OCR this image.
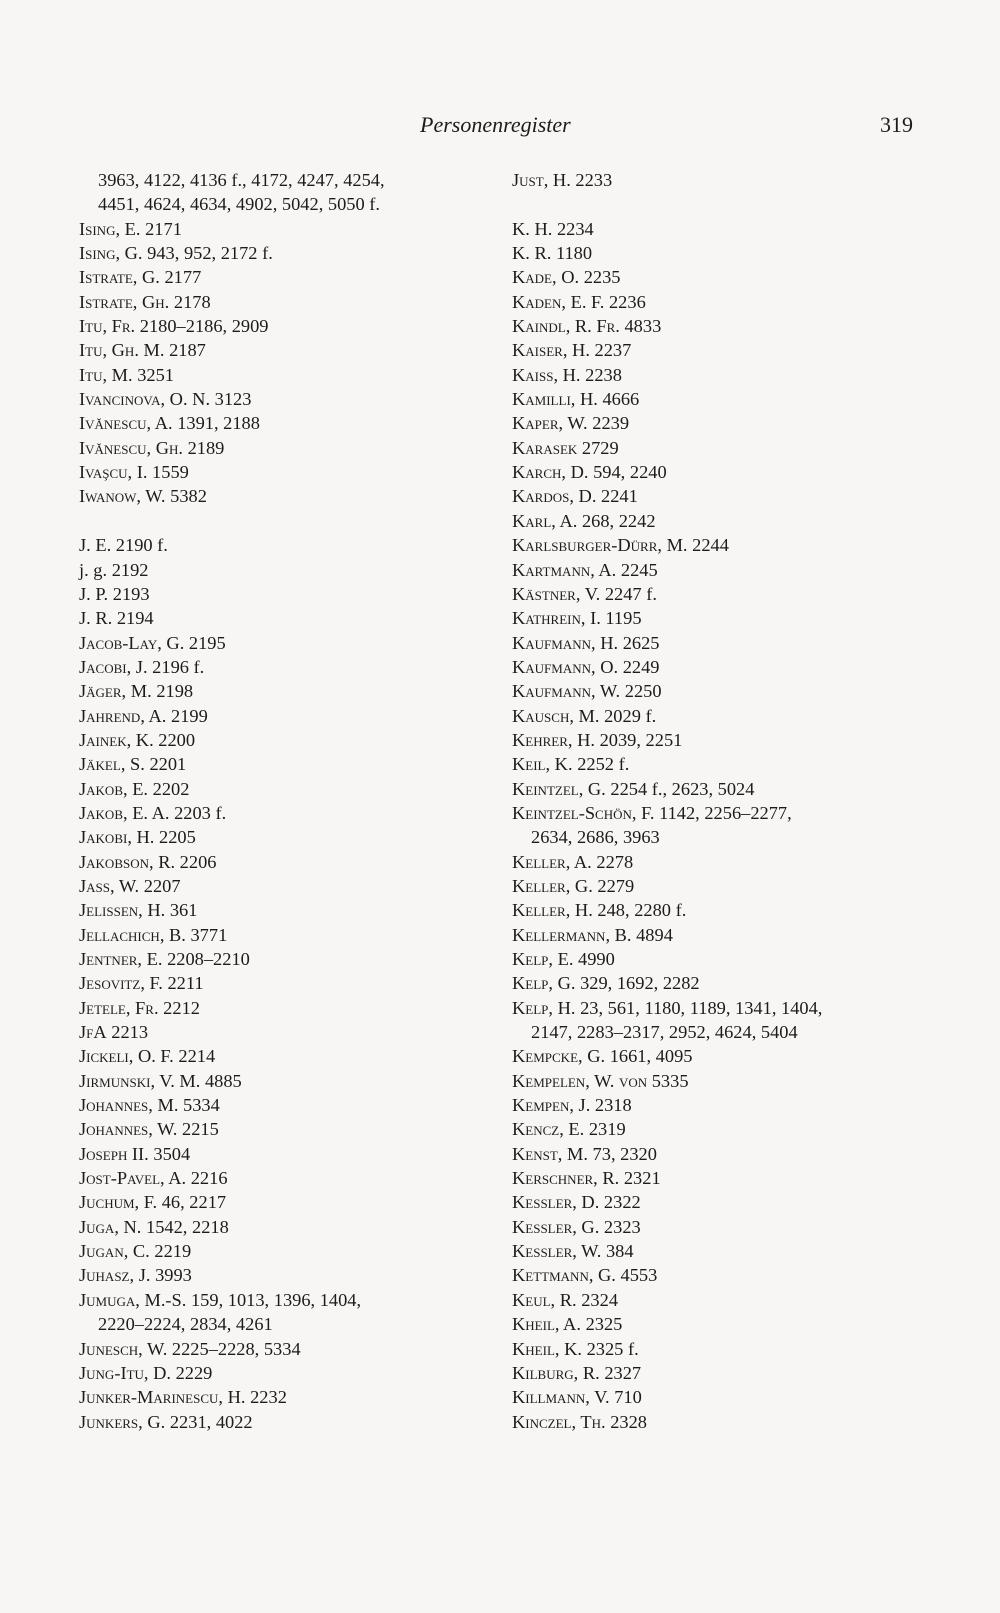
Personenregister	319
3963, 4122, 4136 f., 4172, 4247, 4254,
4451, 4624, 4634, 4902, 5042, 5050 f.
Ising, E. 2171
Ising, G. 943, 952, 2172 f.
Istrate, G. 2177
Istrate, Gh. 2178
Itu, Fr. 2180–2186, 2909
Itu, Gh. M. 2187
Itu, M. 3251
Ivancinova, O. N. 3123
Ivănescu, A. 1391, 2188
Ivănescu, Gh. 2189
Ivaşcu, I. 1559
Iwanow, W. 5382
J. E. 2190 f.
j. g. 2192
J. P. 2193
J. R. 2194
Jacob-Lay, G. 2195
Jacobi, J. 2196 f.
Jäger, M. 2198
Jahrend, A. 2199
Jainek, K. 2200
Jäkel, S. 2201
Jakob, E. 2202
Jakob, E. A. 2203 f.
Jakobi, H. 2205
Jakobson, R. 2206
Jass, W. 2207
Jelissen, H. 361
Jellachich, B. 3771
Jentner, E. 2208–2210
Jesovitz, F. 2211
Jetele, Fr. 2212
JfA 2213
Jickeli, O. F. 2214
Jirmunski, V. M. 4885
Johannes, M. 5334
Johannes, W. 2215
Joseph II. 3504
Jost-Pavel, A. 2216
Juchum, F. 46, 2217
Juga, N. 1542, 2218
Jugan, C. 2219
Juhasz, J. 3993
Jumuga, M.-S. 159, 1013, 1396, 1404,
2220–2224, 2834, 4261
Junesch, W. 2225–2228, 5334
Jung-Itu, D. 2229
Junker-Marinescu, H. 2232
Junkers, G. 2231, 4022
Just, H. 2233
K. H. 2234
K. R. 1180
Kade, O. 2235
Kaden, E. F. 2236
Kaindl, R. Fr. 4833
Kaiser, H. 2237
Kaiss, H. 2238
Kamilli, H. 4666
Kaper, W. 2239
Karasek 2729
Karch, D. 594, 2240
Kardos, D. 2241
Karl, A. 268, 2242
Karlsburger-Dürr, M. 2244
Kartmann, A. 2245
Kästner, V. 2247 f.
Kathrein, I. 1195
Kaufmann, H. 2625
Kaufmann, O. 2249
Kaufmann, W. 2250
Kausch, M. 2029 f.
Kehrer, H. 2039, 2251
Keil, K. 2252 f.
Keintzel, G. 2254 f., 2623, 5024
Keintzel-Schön, F. 1142, 2256–2277,
2634, 2686, 3963
Keller, A. 2278
Keller, G. 2279
Keller, H. 248, 2280 f.
Kellermann, B. 4894
Kelp, E. 4990
Kelp, G. 329, 1692, 2282
Kelp, H. 23, 561, 1180, 1189, 1341, 1404,
2147, 2283–2317, 2952, 4624, 5404
Kempcke, G. 1661, 4095
Kempelen, W. von 5335
Kempen, J. 2318
Kencz, E. 2319
Kenst, M. 73, 2320
Kerschner, R. 2321
Kessler, D. 2322
Kessler, G. 2323
Kessler, W. 384
Kettmann, G. 4553
Keul, R. 2324
Kheil, A. 2325
Kheil, K. 2325 f.
Kilburg, R. 2327
Killmann, V. 710
Kinczel, Th. 2328
